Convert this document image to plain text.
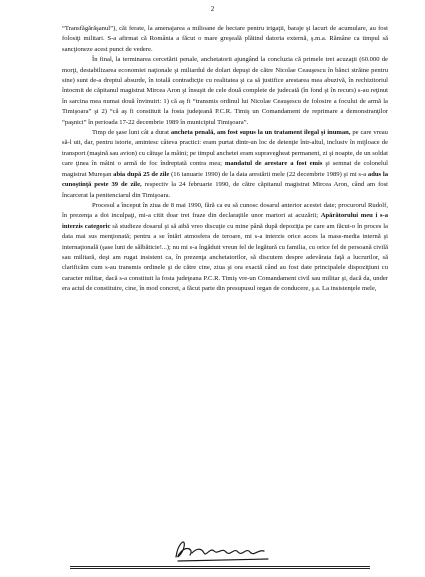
2

“Transfăgărăşanul”), căi ferate, la amenajarea a milioane de hectare pentru irigaţii, baraje şi lacuri de acumulare, au fost folosiţi militari. S-a afirmat că România a făcut o mare greşeală plătind datoria externă, ş.m.a. Rămâne ca timpul să sancţioneze acest punct de vedere.

În final, la terminarea cercetării penale, anchetatorii ajungând la concluzia că primele trei acuzaţii (60.000 de morţi, destabilizarea economiei naţionale şi miliardul de dolari depuşi de către Nicolae Ceauşescu în bănci străine pentru sine) sunt de-a dreptul absurde, în totală contradicţie cu realitatea şi ca să justifice arestarea mea abuzivă, în rechizitoriul întocmit de căpitanul magistrat Mircea Aron şi însuşit de cele două complete de judecată (în fond şi în recurs) s-au reţinut în sarcina mea numai două învinuiri: 1) că aş fi “transmis ordinul lui Nicolae Ceauşescu de folosire a focului de armă la Timişoara” şi 2) “că aş fi constituit la fosta judeţeană P.C.R. Timiş un Comandament de reprimare a demonstranţilor “paşnici” în perioada 17-22 decembrie 1989 în municipiul Timişoara”.

Timp de şase luni cât a durat ancheta penală, am fost supus la un tratament ilegal şi inuman, pe care vreau să-l uit, dar, pentru istorie, amintesc câteva practici: eram purtat dintr-un loc de detenţie într-altul, inclusiv în mijloace de transport (maşină sau avion) cu cătuşe la mâini; pe timpul anchetei eram supravegheat permanent, zi şi noapte, de un soldat care ţinea în mâini o armă de foc îndreptată contra mea; mandatul de arestare a fost emis şi semnat de colonelul magistrat Mureşan abia după 25 de zile (16 ianuarie 1990) de la data arestării mele (22 decembrie 1989) şi mi s-a adus la cunoştinţă peste 39 de zile, respectiv la 24 februarie 1990, de către căpitanul magistrat Mircea Aron, când am fost încarcerat la penitenciarul din Timişoara.

Procesul a început în ziua de 8 mai 1990, fără ca eu să cunosc dosarul anterior acestei date; procurorul Rudolf, în prezenţa a doi inculpaţi, mi-a citit doar trei fraze din declaraţiile unor martori ai acuzării; Apărătorului meu i s-a interzis categoric să studieze dosarul şi să aibă vreo discuţie cu mine până după depoziţia pe care am făcut-o în proces la data mai sus menţionată; pentru a se întări atmosfera de teroare, mi s-a interzis orice acces la mass-media internă şi internaţională (şase luni de sălbăticie!...); nu mi s-a îngăduit vreun fel de legătură cu familia, cu orice fel de persoană civilă sau militară, deşi am rugat insistent ca, în prezenţa anchetatorilor, să discutem despre adevărata faţă a lucrurilor, să clarificăm cum s-au transmis ordinele şi de către cine, ziua şi ora exactă când au fost date principalele dispoziţiuni cu caracter militar, dacă s-a constituit la fosta judeţeana P.C.R. Timiş vre-un Comandament civil sau militar şi, dacă da, under era actul de constituire, cine, în mod concret, a făcut parte din presupusul organ de conducere, ş.a. La insistenţele mele,
